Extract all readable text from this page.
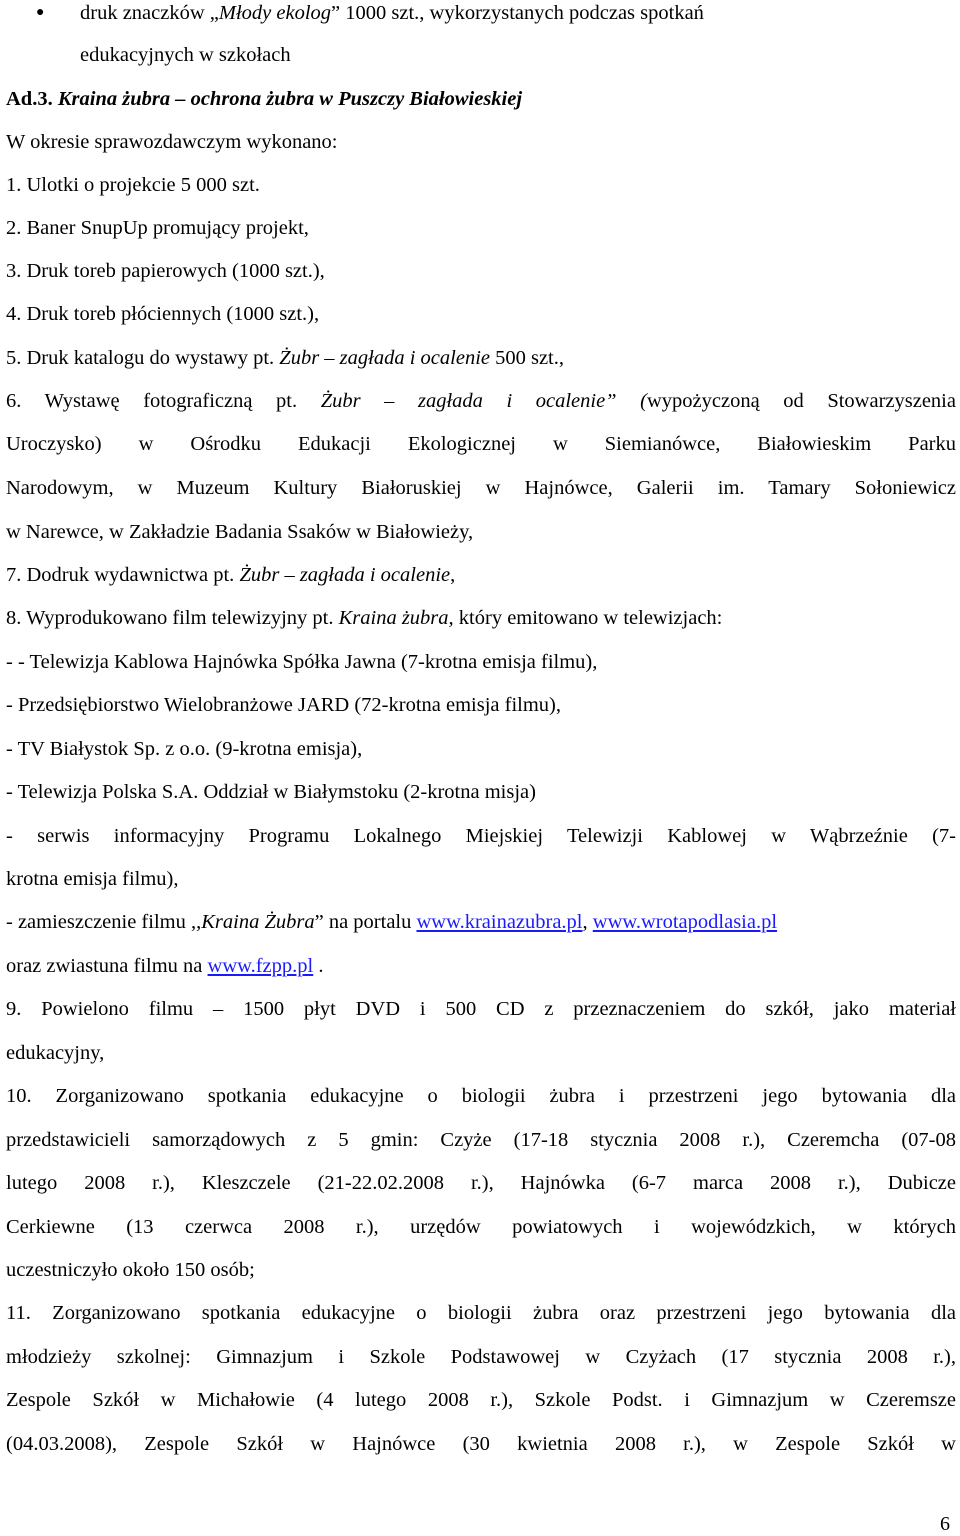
● druk znaczków „Młody ekolog” 1000 szt., wykorzystanych podczas spotkań
edukacyjnych w szkołach
Ad.3. Kraina żubra – ochrona żubra w Puszczy Białowieskiej
W okresie sprawozdawczym wykonano:
1. Ulotki o projekcie 5 000 szt.
2. Baner SnupUp promujący projekt,
3. Druk toreb papierowych (1000 szt.),
4. Druk toreb płóciennych (1000 szt.),
5. Druk katalogu do wystawy pt. Żubr – zagłada i ocalenie 500 szt.,
6. Wystawę fotograficzną pt. Żubr – zagłada i ocalenie” (wypożyczoną od Stowarzyszenia
Uroczysko) w Ośrodku Edukacji Ekologicznej w Siemianówce, Białowieskim Parku
Narodowym, w Muzeum Kultury Białoruskiej w Hajnówce, Galerii im. Tamary Sołoniewicz
w Narewce, w Zakładzie Badania Ssaków w Białowieży,
7. Dodruk wydawnictwa pt. Żubr – zagłada i ocalenie,
8. Wyprodukowano film telewizyjny pt. Kraina żubra, który emitowano w telewizjach:
- - Telewizja Kablowa Hajnówka Spółka Jawna (7-krotna emisja filmu),
- Przedsiębiorstwo Wielobranżowe JARD (72-krotna emisja filmu),
- TV Białystok Sp. z o.o. (9-krotna emisja),
- Telewizja Polska S.A. Oddział w Białymstoku (2-krotna misja)
- serwis informacyjny Programu Lokalnego Miejskiej Telewizji Kablowej w Wąbrzeźnie (7-
krotna emisja filmu),
- zamieszczenie filmu ,,Kraina Żubra” na portalu www.krainazubra.pl, www.wrotapodlasia.pl
oraz zwiastuna filmu na www.fzpp.pl .
9. Powielono filmu – 1500 płyt DVD i 500 CD z przeznaczeniem do szkół, jako materiał
edukacyjny,
10. Zorganizowano spotkania edukacyjne o biologii żubra i przestrzeni jego bytowania dla
przedstawicieli samorządowych z 5 gmin: Czyże (17-18 stycznia 2008 r.), Czeremcha (07-08
lutego 2008 r.), Kleszczele (21-22.02.2008 r.), Hajnówka (6-7 marca 2008 r.), Dubicze
Cerkiewne (13 czerwca 2008 r.), urzędów powiatowych i wojewódzkich, w których
uczestniczyło około 150 osób;
11. Zorganizowano spotkania edukacyjne o biologii żubra oraz przestrzeni jego bytowania dla
młodzieży szkolnej: Gimnazjum i Szkole Podstawowej w Czyżach (17 stycznia 2008 r.),
Zespole Szkół w Michałowie (4 lutego 2008 r.), Szkole Podst. i Gimnazjum w Czeremsze
(04.03.2008), Zespole Szkół w Hajnówce (30 kwietnia 2008 r.), w Zespole Szkół w
6
